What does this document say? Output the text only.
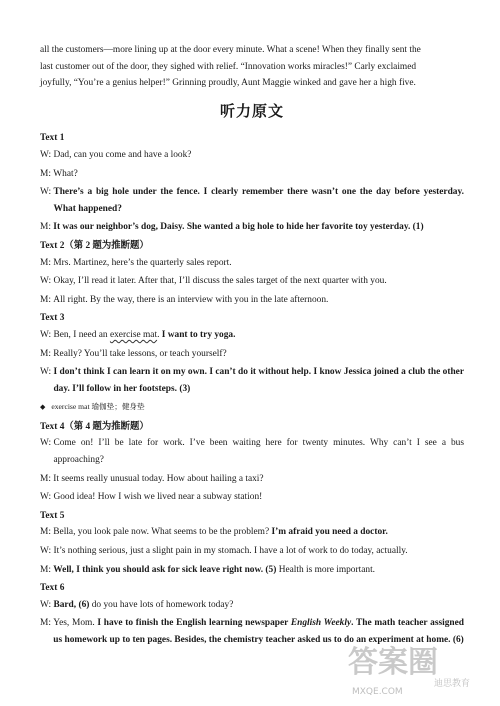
all the customers—more lining up at the door every minute. What a scene! When they finally sent the

last customer out of the door, they sighed with relief. “Innovation works miracles!” Carly exclaimed

joyfully, “You’re a genius helper!” Grinning proudly, Aunt Maggie winked and gave her a high five.

听力原文
Text 1
W: Dad, can you come and have a look?
M: What?
W: There’s a big hole under the fence. I clearly remember there wasn’t one the day before yesterday. What happened?
M: It was our neighbor’s dog, Daisy. She wanted a big hole to hide her favorite toy yesterday. (1)
Text 2（第 2 题为推断题）
M: Mrs. Martinez, here’s the quarterly sales report.
W: Okay, I’ll read it later. After that, I’ll discuss the sales target of the next quarter with you.
M: All right. By the way, there is an interview with you in the late afternoon.
Text 3
W: Ben, I need an exercise mat. I want to try yoga.
M: Really? You’ll take lessons, or teach yourself?
W: I don’t think I can learn it on my own. I can’t do it without help. I know Jessica joined a club the other day. I’ll follow in her footsteps. (3)
◆ exercise mat 瑜伽垫；健身垫
Text 4（第 4 题为推断题）
W: Come on! I’ll be late for work. I’ve been waiting here for twenty minutes. Why can’t I see a bus approaching?
M: It seems really unusual today. How about hailing a taxi?
W: Good idea! How I wish we lived near a subway station!
Text 5
M: Bella, you look pale now. What seems to be the problem? I’m afraid you need a doctor.
W: It’s nothing serious, just a slight pain in my stomach. I have a lot of work to do today, actually.
M: Well, I think you should ask for sick leave right now. (5) Health is more important.
Text 6
W: Bard, (6) do you have lots of homework today?
M: Yes, Mom. I have to finish the English learning newspaper English Weekly. The math teacher assigned us homework up to ten pages. Besides, the chemistry teacher asked us to do an experiment at home. (6)
答案圈
MXQE.COM
迪思教育
